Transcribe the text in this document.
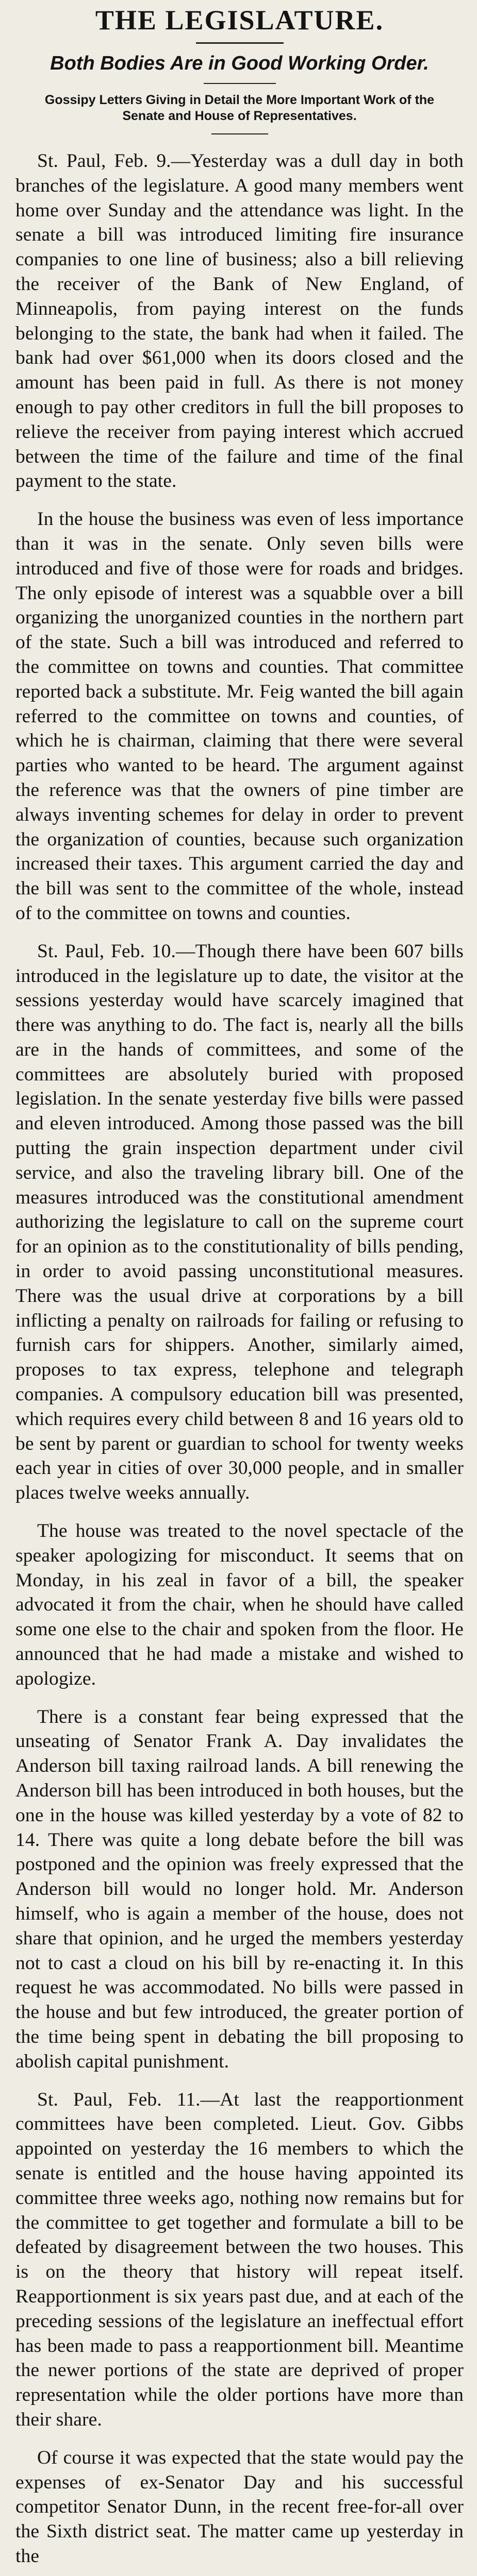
THE LEGISLATURE.
Both Bodies Are in Good Working Order.
Gossipy Letters Giving in Detail the More Important Work of the Senate and House of Representatives.

St. Paul, Feb. 9.—Yesterday was a dull day in both branches of the legislature. A good many members went home over Sunday and the attendance was light. In the senate a bill was introduced limiting fire insurance companies to one line of business; also a bill relieving the receiver of the Bank of New England, of Minneapolis, from paying interest on the funds belonging to the state, the bank had when it failed. The bank had over $61,000 when its doors closed and the amount has been paid in full. As there is not money enough to pay other creditors in full the bill proposes to relieve the receiver from paying interest which accrued between the time of the failure and time of the final payment to the state.

In the house the business was even of less importance than it was in the senate. Only seven bills were introduced and five of those were for roads and bridges. The only episode of interest was a squabble over a bill organizing the unorganized counties in the northern part of the state. Such a bill was introduced and referred to the committee on towns and counties. That committee reported back a substitute. Mr. Feig wanted the bill again referred to the committee on towns and counties, of which he is chairman, claiming that there were several parties who wanted to be heard. The argument against the reference was that the owners of pine timber are always inventing schemes for delay in order to prevent the organization of counties, because such organization increased their taxes. This argument carried the day and the bill was sent to the committee of the whole, instead of to the committee on towns and counties.

St. Paul, Feb. 10.—Though there have been 607 bills introduced in the legislature up to date, the visitor at the sessions yesterday would have scarcely imagined that there was anything to do. The fact is, nearly all the bills are in the hands of committees, and some of the committees are absolutely buried with proposed legislation. In the senate yesterday five bills were passed and eleven introduced. Among those passed was the bill putting the grain inspection department under civil service, and also the traveling library bill. One of the measures introduced was the constitutional amendment authorizing the legislature to call on the supreme court for an opinion as to the constitutionality of bills pending, in order to avoid passing unconstitutional measures. There was the usual drive at corporations by a bill inflicting a penalty on railroads for failing or refusing to furnish cars for shippers. Another, similarly aimed, proposes to tax express, telephone and telegraph companies. A compulsory education bill was presented, which requires every child between 8 and 16 years old to be sent by parent or guardian to school for twenty weeks each year in cities of over 30,000 people, and in smaller places twelve weeks annually.

The house was treated to the novel spectacle of the speaker apologizing for misconduct. It seems that on Monday, in his zeal in favor of a bill, the speaker advocated it from the chair, when he should have called some one else to the chair and spoken from the floor. He announced that he had made a mistake and wished to apologize.

There is a constant fear being expressed that the unseating of Senator Frank A. Day invalidates the Anderson bill taxing railroad lands. A bill renewing the Anderson bill has been introduced in both houses, but the one in the house was killed yesterday by a vote of 82 to 14. There was quite a long debate before the bill was postponed and the opinion was freely expressed that the Anderson bill would no longer hold. Mr. Anderson himself, who is again a member of the house, does not share that opinion, and he urged the members yesterday not to cast a cloud on his bill by re-enacting it. In this request he was accommodated. No bills were passed in the house and but few introduced, the greater portion of the time being spent in debating the bill proposing to abolish capital punishment.

St. Paul, Feb. 11.—At last the reapportionment committees have been completed. Lieut. Gov. Gibbs appointed on yesterday the 16 members to which the senate is entitled and the house having appointed its committee three weeks ago, nothing now remains but for the committee to get together and formulate a bill to be defeated by disagreement between the two houses. This is on the theory that history will repeat itself. Reapportionment is six years past due, and at each of the preceding sessions of the legislature an ineffectual effort has been made to pass a reapportionment bill. Meantime the newer portions of the state are deprived of proper representation while the older portions have more than their share.

Of course it was expected that the state would pay the expenses of ex-Senator Day and his successful competitor Senator Dunn, in the recent free-for-all over the Sixth district seat. The matter came up yesterday in the
